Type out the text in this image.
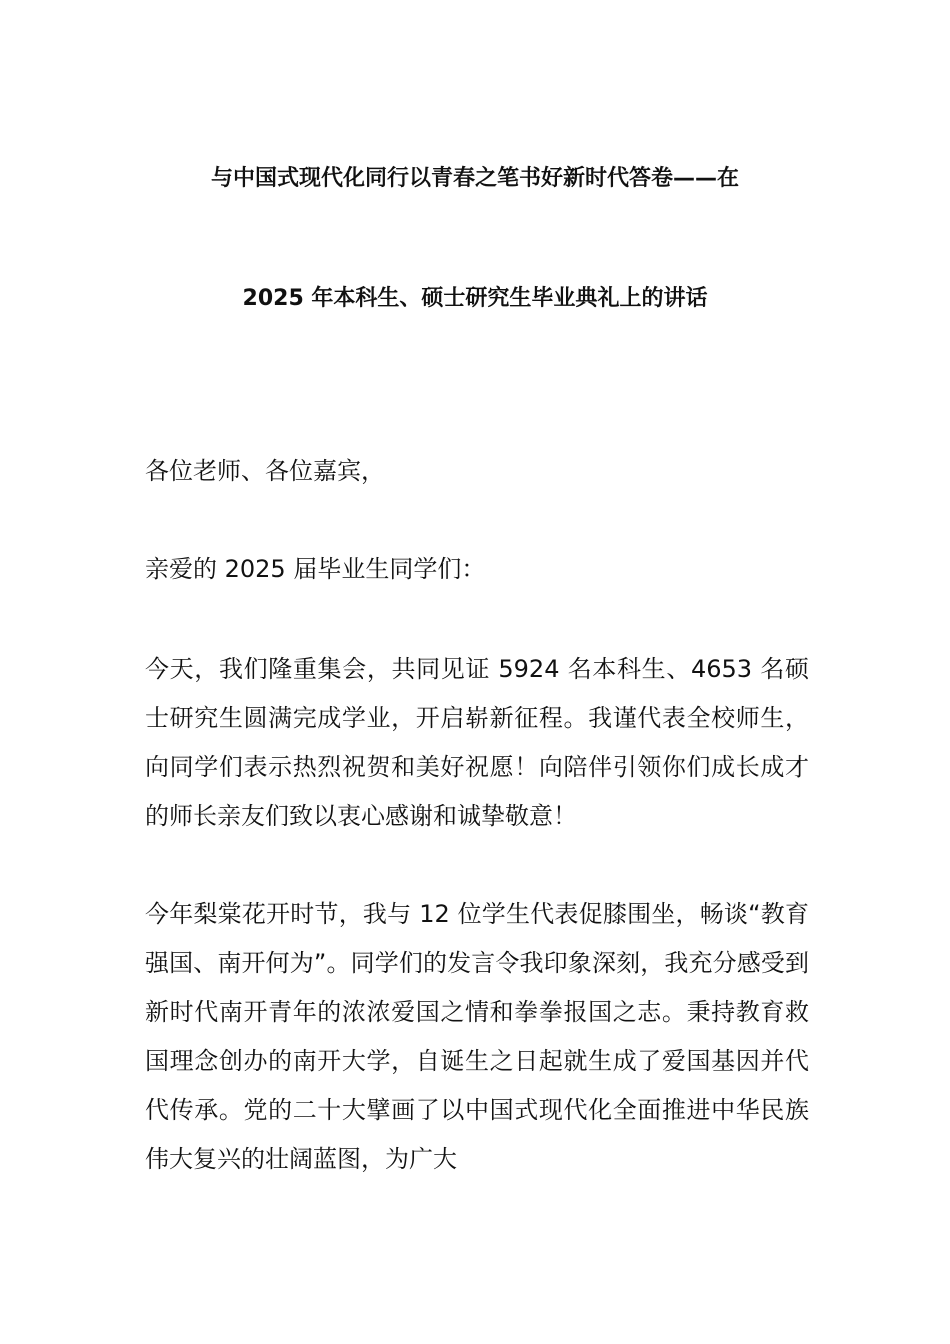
与中国式现代化同行以青春之笔书好新时代答卷——在
2025 年本科生、硕士研究生毕业典礼上的讲话

各位老师、各位嘉宾，

亲爱的 2025 届毕业生同学们：

今天，我们隆重集会，共同见证 5924 名本科生、4653 名硕士研究生圆满完成学业，开启崭新征程。我谨代表全校师生，向同学们表示热烈祝贺和美好祝愿！向陪伴引领你们成长成才的师长亲友们致以衷心感谢和诚挚敬意！

今年梨棠花开时节，我与 12 位学生代表促膝围坐，畅谈“教育强国、南开何为”。同学们的发言令我印象深刻，我充分感受到新时代南开青年的浓浓爱国之情和拳拳报国之志。秉持教育救国理念创办的南开大学，自诞生之日起就生成了爱国基因并代代传承。党的二十大擘画了以中国式现代化全面推进中华民族伟大复兴的壮阔蓝图，为广大
